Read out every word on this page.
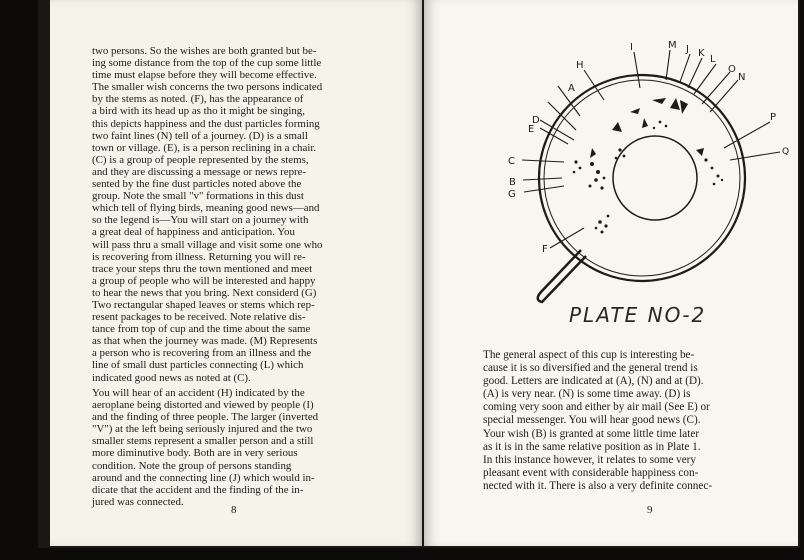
two persons. So the wishes are both granted but be-
ing some distance from the top of the cup some little
time must elapse before they will become effective.
The smaller wish concerns the two persons indicated
by the stems as noted. (F), has the appearance of
a bird with its head up as tho it might be singing,
this depicts happiness and the dust particles forming
two faint lines (N) tell of a journey. (D) is a small
town or village. (E), is a person reclining in a chair.
(C) is a group of people represented by the stems,
and they are discussing a message or news repre-
sented by the fine dust particles noted above the
group. Note the small "v" formations in this dust
which tell of flying birds, meaning good news—and
so the legend is—You will start on a journey with
a great deal of happiness and anticipation. You
will pass thru a small village and visit some one who
is recovering from illness. Returning you will re-
trace your steps thru the town mentioned and meet
a group of people who will be interested and happy
to hear the news that you bring. Next considerd (G)
Two rectangular shaped leaves or stems which rep-
resent packages to be received. Note relative dis-
tance from top of cup and the time about the same
as that when the journey was made. (M) Represents
a person who is recovering from an illness and the
line of small dust particles connecting (L) which
indicated good news as noted at (C).
You will hear of an accident (H) indicated by the
aeroplane being distorted and viewed by people (I)
and the finding of three people. The larger (inverted
"V") at the left being seriously injured and the two
smaller stems represent a smaller person and a still
more diminutive body. Both are in very serious
condition. Note the group of persons standing
around and the connecting line (J) which would in-
dicate that the accident and the finding of the in-
jured was connected.
8
A
B
C
D
E
F
G
H
I	J K
L
M
N
O
P
Q
PLATE NO-2
The general aspect of this cup is interesting be-
cause it is so diversified and the general trend is
good. Letters are indicated at (A), (N) and at (D).
(A) is very near. (N) is some time away. (D) is
coming very soon and either by air mail (See E) or
special messenger. You will hear good news (C).
Your wish (B) is granted at some little time later
as it is in the same relative position as in Plate 1.
In this instance however, it relates to some very
pleasant event with considerable happiness con-
nected with it. There is also a very definite connec-
9
